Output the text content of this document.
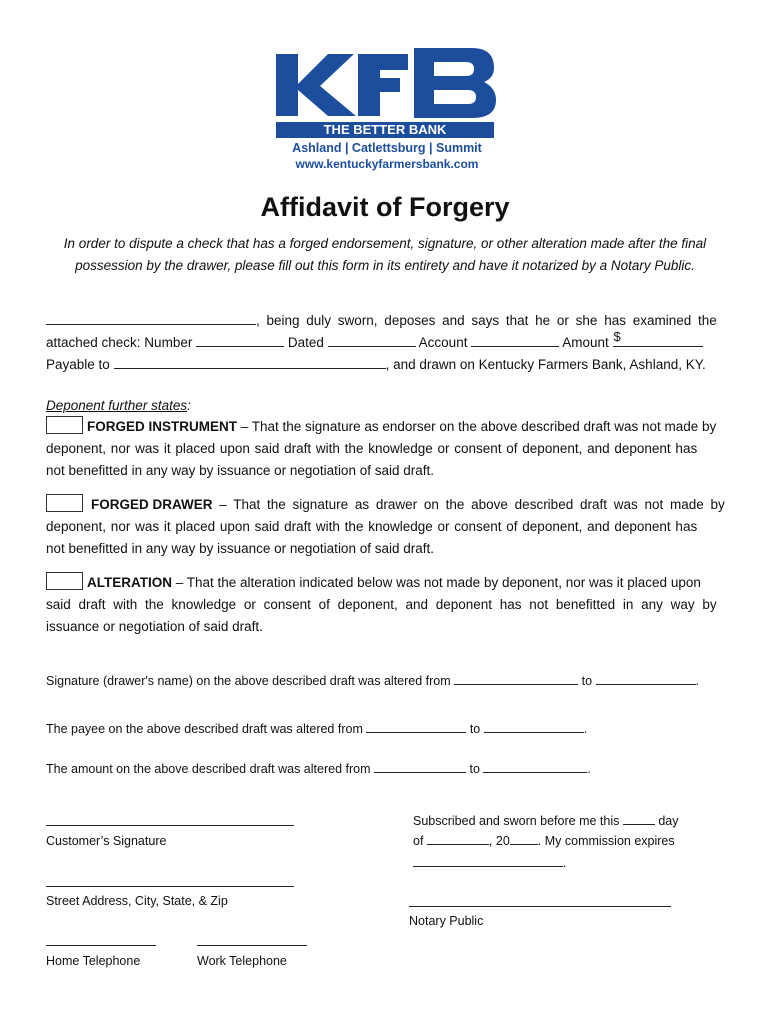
KFB
THE BETTER BANK
Ashland | Catlettsburg | Summit
www.kentuckyfarmersbank.com
Affidavit of Forgery
In order to dispute a check that has a forged endorsement, signature, or other alteration made after the final possession by the drawer, please fill out this form in its entirety and have it notarized by a Notary Public.
, being duly sworn, deposes and says that he or she has examined the
attached check: Number	Dated	Account	Amount $
Payable to	, and drawn on Kentucky Farmers Bank, Ashland, KY.
Deponent further states:
FORGED INSTRUMENT – That the signature as endorser on the above described draft was not made by
deponent, nor was it placed upon said draft with the knowledge or consent of deponent, and deponent has
not benefitted in any way by issuance or negotiation of said draft.
FORGED DRAWER – That the signature as drawer on the above described draft was not made by
deponent, nor was it placed upon said draft with the knowledge or consent of deponent, and deponent has
not benefitted in any way by issuance or negotiation of said draft.
ALTERATION – That the alteration indicated below was not made by deponent, nor was it placed upon
said draft with the knowledge or consent of deponent, and deponent has not benefitted in any way by
issuance or negotiation of said draft.
Signature (drawer's name) on the above described draft was altered from	to	.
The payee on the above described draft was altered from	to	.
The amount on the above described draft was altered from	to	.
Customer’s Signature
Street Address, City, State, & Zip
Home Telephone	Work Telephone
Subscribed and sworn before me this	day
of	, 20 . My commission expires
.
Notary Public
